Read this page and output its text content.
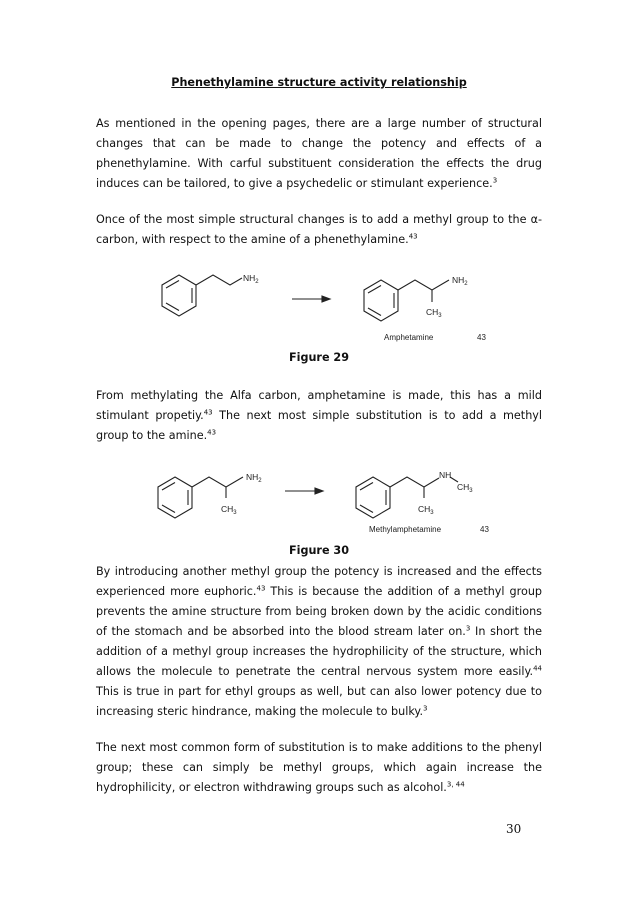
Phenethylamine structure activity relationship

As mentioned in the opening pages, there are a large number of structural changes that can be made to change the potency and effects of a phenethylamine. With carful substituent consideration the effects the drug induces can be tailored, to give a psychedelic or stimulant experience.$^3$

Once of the most simple structural changes is to add a methyl group to the α-carbon, with respect to the amine of a phenethylamine.$^{43}$

$NH_2$	$NH_2$
$CH_3$
Amphetamine	43
Figure 29

From methylating the Alfa carbon, amphetamine is made, this has a mild stimulant propetiy.$^{43}$ The next most simple substitution is to add a methyl group to the amine.$^{43}$

$NH_2$
$CH_3$
NH
$CH_3$
$CH_3$
Methylamphetamine	43
Figure 30

By introducing another methyl group the potency is increased and the effects experienced more euphoric.$^{43}$ This is because the addition of a methyl group prevents the amine structure from being broken down by the acidic conditions of the stomach and be absorbed into the blood stream later on.$^3$ In short the addition of a methyl group increases the hydrophilicity of the structure, which allows the molecule to penetrate the central nervous system more easily.$^{44}$ This is true in part for ethyl groups as well, but can also lower potency due to increasing steric hindrance, making the molecule to bulky.$^3$

The next most common form of substitution is to make additions to the phenyl group; these can simply be methyl groups, which again increase the hydrophilicity, or electron withdrawing groups such as alcohol.$^{3, 44}$

30
